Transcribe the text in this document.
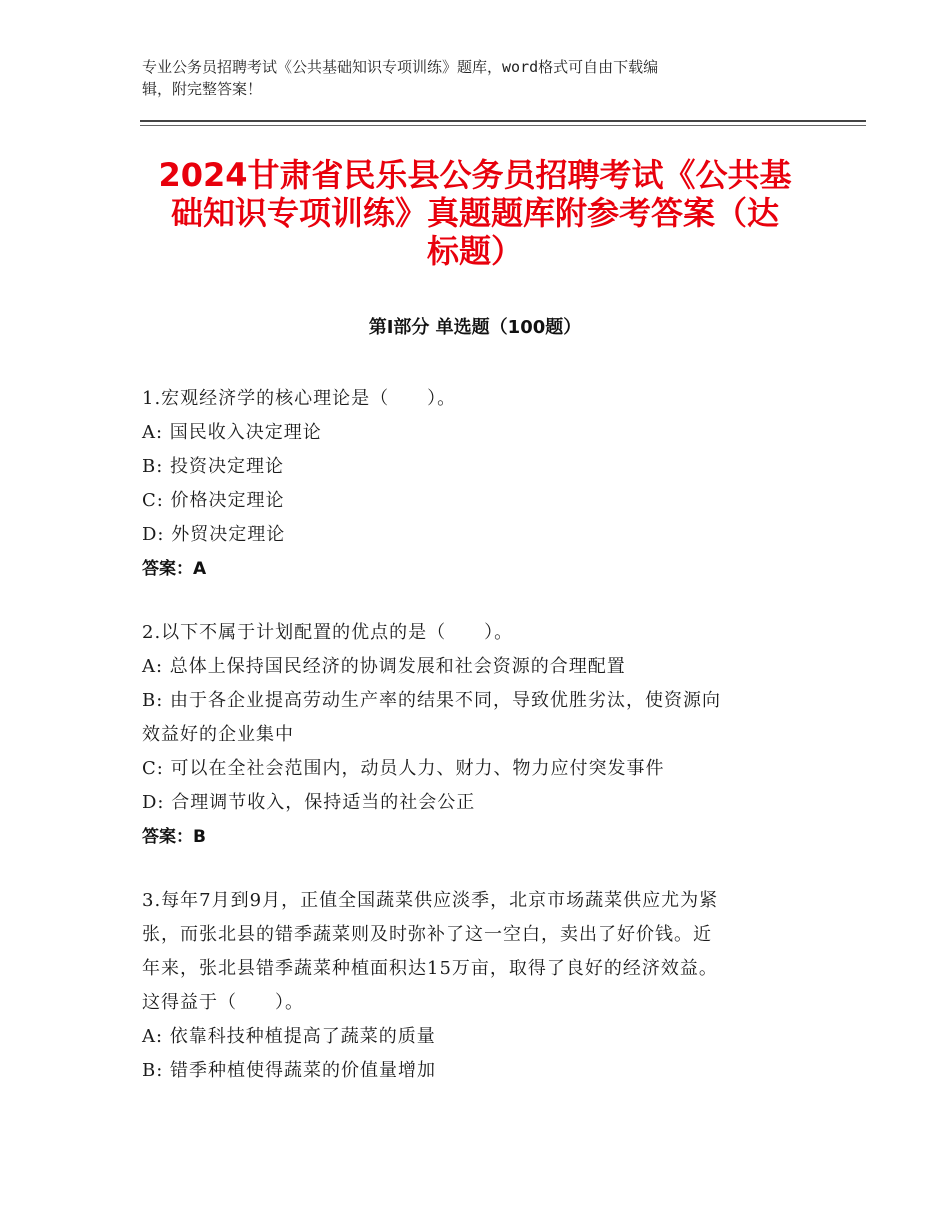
专业公务员招聘考试《公共基础知识专项训练》题库，word格式可自由下载编
辑，附完整答案！
2024甘肃省民乐县公务员招聘考试《公共基
础知识专项训练》真题题库附参考答案（达
标题）
第Ⅰ部分 单选题（100题）
1.宏观经济学的核心理论是（　　）。
A: 国民收入决定理论
B: 投资决定理论
C: 价格决定理论
D: 外贸决定理论
答案：A
2.以下不属于计划配置的优点的是（　　）。
A: 总体上保持国民经济的协调发展和社会资源的合理配置
B: 由于各企业提高劳动生产率的结果不同，导致优胜劣汰，使资源向
效益好的企业集中
C: 可以在全社会范围内，动员人力、财力、物力应付突发事件
D: 合理调节收入，保持适当的社会公正
答案：B
3.每年7月到9月，正值全国蔬菜供应淡季，北京市场蔬菜供应尤为紧
张，而张北县的错季蔬菜则及时弥补了这一空白，卖出了好价钱。近
年来，张北县错季蔬菜种植面积达15万亩，取得了良好的经济效益。
这得益于（　　）。
A: 依靠科技种植提高了蔬菜的质量
B: 错季种植使得蔬菜的价值量增加
